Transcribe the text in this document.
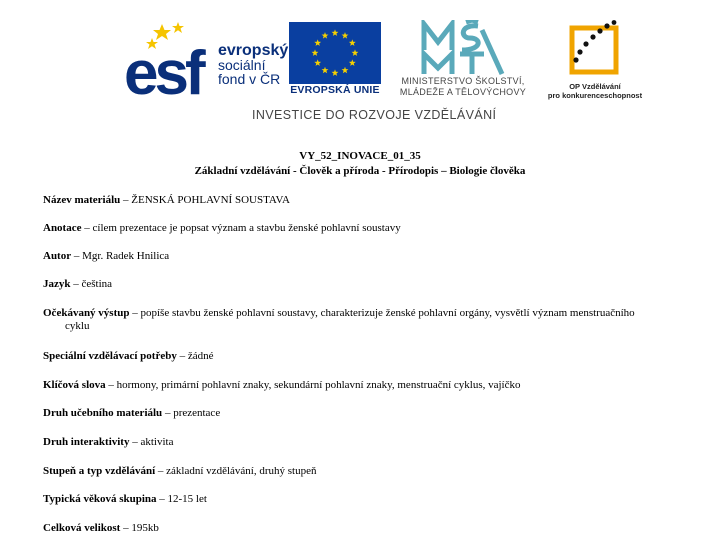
esf evropský
sociální
fond v ČR
EVROPSKÁ UNIE
MINISTERSTVO ŠKOLSTVÍ,
MLÁDEŽE A TĚLOVÝCHOVY
OP Vzdělávání
pro konkurenceschopnost
INVESTICE DO ROZVOJE VZDĚLÁVÁNÍ
VY_52_INOVACE_01_35
Základní vzdělávání - Člověk a příroda - Přírodopis – Biologie člověka
Název materiálu – ŽENSKÁ POHLAVNÍ SOUSTAVA
Anotace – cílem prezentace je popsat význam a stavbu ženské pohlavní soustavy
Autor – Mgr. Radek Hnilica
Jazyk – čeština
Očekávaný výstup – popíše stavbu ženské pohlavní soustavy, charakterizuje ženské pohlavní orgány, vysvětlí význam menstruačního
cyklu
Speciální vzdělávací potřeby – žádné
Klíčová slova – hormony, primární pohlavní znaky, sekundární pohlavní znaky, menstruační cyklus, vajíčko
Druh učebního materiálu – prezentace
Druh interaktivity – aktivita
Stupeň a typ vzdělávání – základní vzdělávání, druhý stupeň
Typická věková skupina – 12-15 let
Celková velikost – 195kb
